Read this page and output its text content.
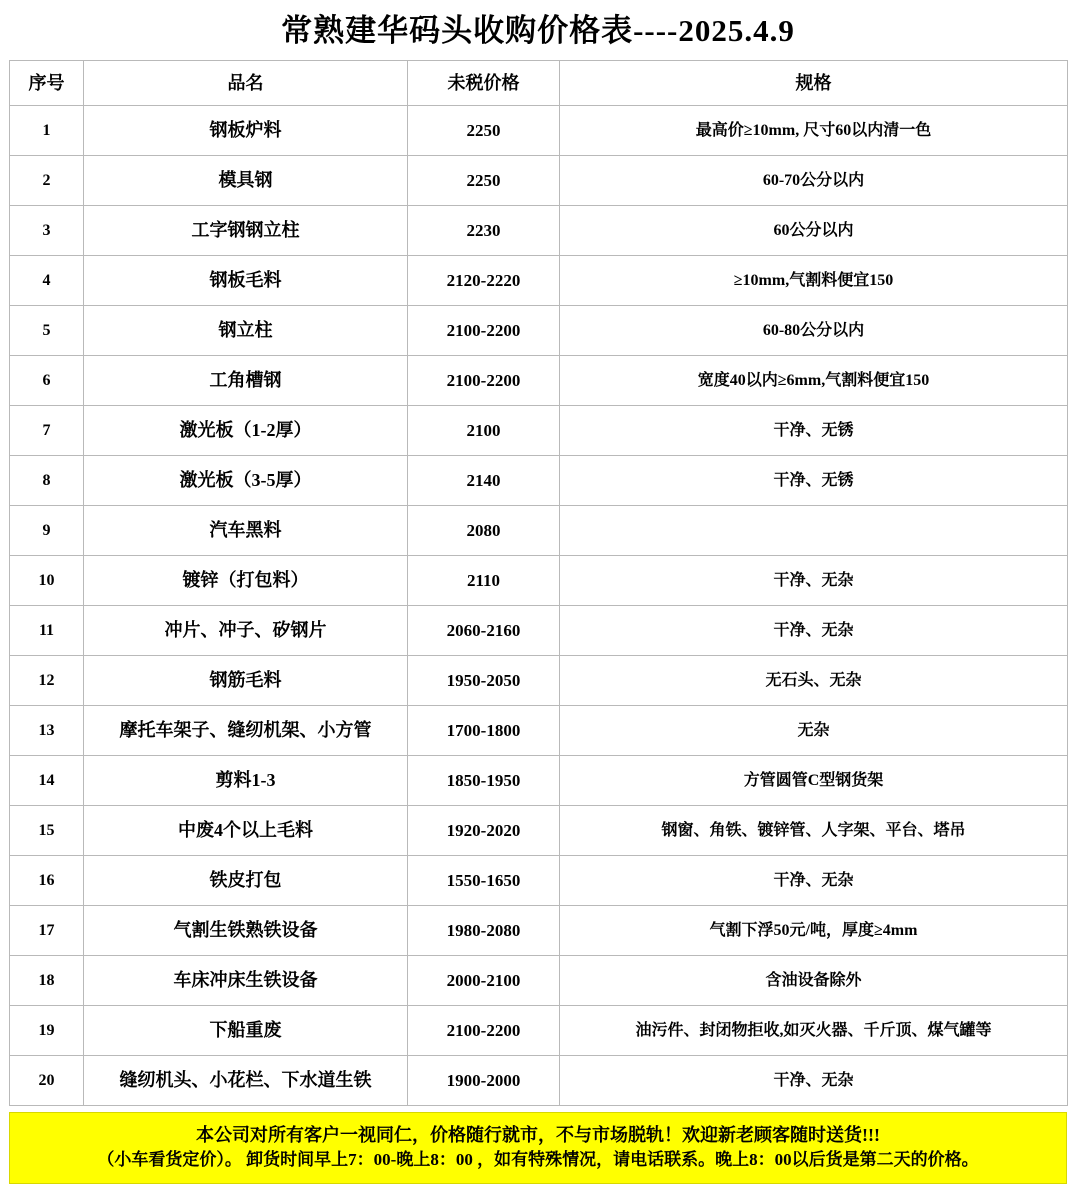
常熟建华码头收购价格表----2025.4.9
序号	品名	未税价格	规格
1	钢板炉料	2250	最高价≥10mm, 尺寸60以内清一色
2	模具钢	2250	60-70公分以内
3	工字钢钢立柱	2230	60公分以内
4	钢板毛料	2120-2220	≥10mm,气割料便宜150
5	钢立柱	2100-2200	60-80公分以内
6	工角槽钢	2100-2200	宽度40以内≥6mm,气割料便宜150
7	激光板（1-2厚）	2100	干净、无锈
8	激光板（3-5厚）	2140	干净、无锈
9	汽车黑料	2080	
10	镀锌（打包料）	2110	干净、无杂
11	冲片、冲子、矽钢片	2060-2160	干净、无杂
12	钢筋毛料	1950-2050	无石头、无杂
13	摩托车架子、缝纫机架、小方管	1700-1800	无杂
14	剪料1-3	1850-1950	方管圆管C型钢货架
15	中废4个以上毛料	1920-2020	钢窗、角铁、镀锌管、人字架、平台、塔吊
16	铁皮打包	1550-1650	干净、无杂
17	气割生铁熟铁设备	1980-2080	气割下浮50元/吨，厚度≥4mm
18	车床冲床生铁设备	2000-2100	含油设备除外
19	下船重废	2100-2200	油污件、封闭物拒收,如灭火器、千斤顶、煤气罐等
20	缝纫机头、小花栏、下水道生铁	1900-2000	干净、无杂
本公司对所有客户一视同仁，价格随行就市，不与市场脱轨！欢迎新老顾客随时送货!!!
（小车看货定价）。 卸货时间早上7：00-晚上8：00 ，如有特殊情况，请电话联系。晚上8：00以后货是第二天的价格。
